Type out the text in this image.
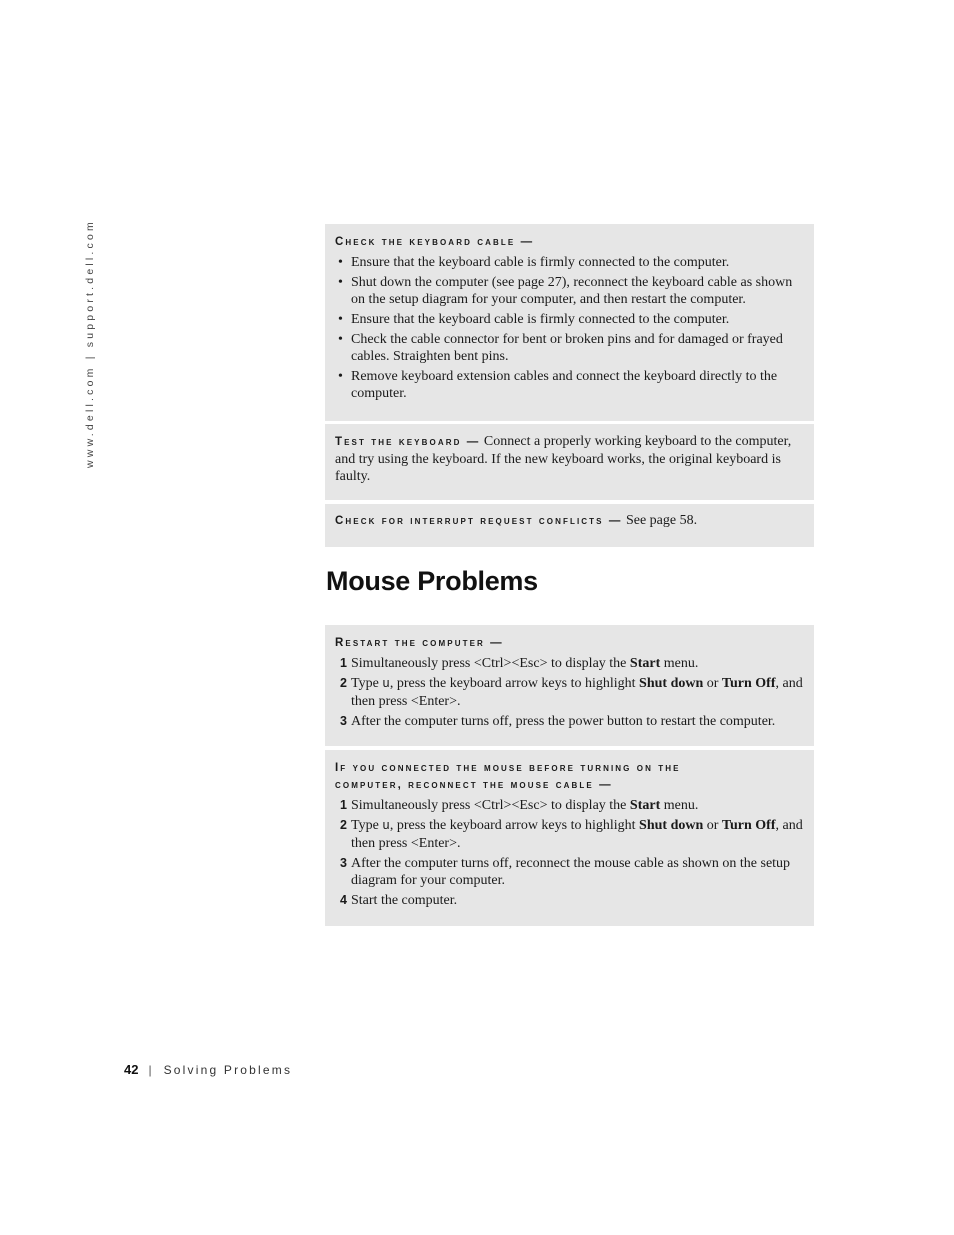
www.dell.com | support.dell.com	Check the keyboard cable —
• Ensure that the keyboard cable is firmly connected to the computer.
• Shut down the computer (see page 27), reconnect the keyboard cable as shown on the setup diagram for your computer, and then restart the computer.
• Ensure that the keyboard cable is firmly connected to the computer.
• Check the cable connector for bent or broken pins and for damaged or frayed cables. Straighten bent pins.
• Remove keyboard extension cables and connect the keyboard directly to the computer.
Test the keyboard — Connect a properly working keyboard to the computer, and try using the keyboard. If the new keyboard works, the original keyboard is faulty.
Check for interrupt request conflicts — See page 58.
Mouse Problems
Restart the computer —
1 Simultaneously press <Ctrl><Esc> to display the Start menu.
2 Type u, press the keyboard arrow keys to highlight Shut down or Turn Off, and then press <Enter>.
3 After the computer turns off, press the power button to restart the computer.
If you connected the mouse before turning on the
computer, reconnect the mouse cable —
1 Simultaneously press <Ctrl><Esc> to display the Start menu.
2 Type u, press the keyboard arrow keys to highlight Shut down or Turn Off, and then press <Enter>.
3 After the computer turns off, reconnect the mouse cable as shown on the setup diagram for your computer.
4 Start the computer.
42 | Solving Problems
